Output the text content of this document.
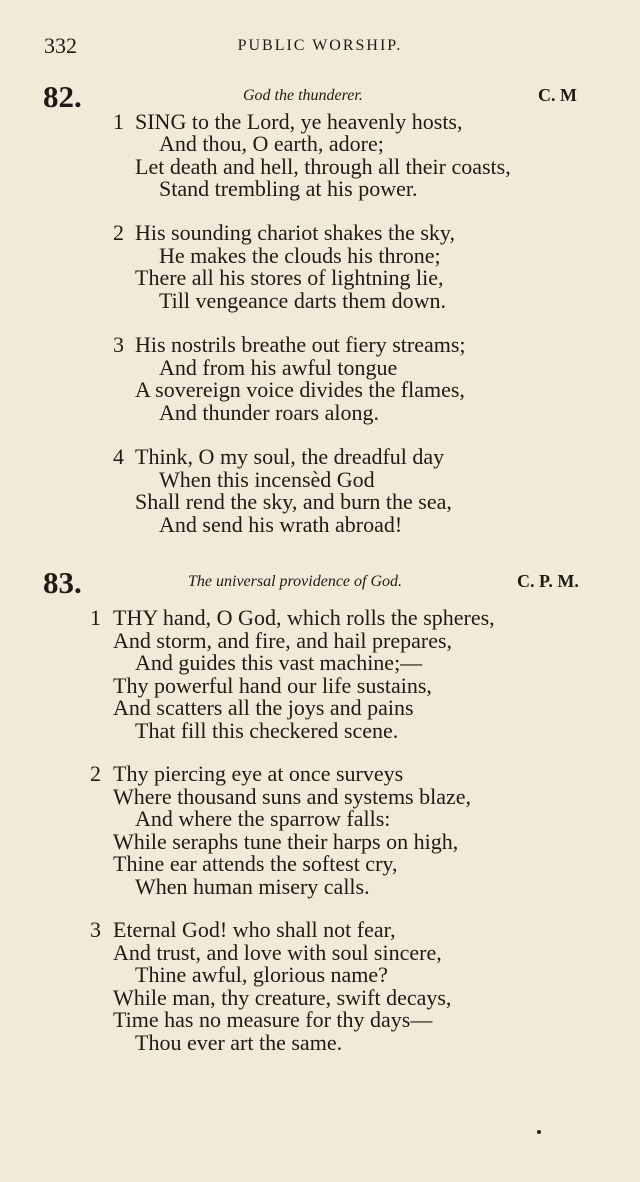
332	PUBLIC WORSHIP.
82.	God the thunderer.	C. M
1 SING to the Lord, ye heavenly hosts,
And thou, O earth, adore;
Let death and hell, through all their coasts,
Stand trembling at his power.
2 His sounding chariot shakes the sky,
He makes the clouds his throne;
There all his stores of lightning lie,
Till vengeance darts them down.
3 His nostrils breathe out fiery streams;
And from his awful tongue
A sovereign voice divides the flames,
And thunder roars along.
4 Think, O my soul, the dreadful day
When this incensèd God
Shall rend the sky, and burn the sea,
And send his wrath abroad!
83.	The universal providence of God.	C. P. M.
1 THY hand, O God, which rolls the spheres,
And storm, and fire, and hail prepares,
And guides this vast machine;—
Thy powerful hand our life sustains,
And scatters all the joys and pains
That fill this checkered scene.
2 Thy piercing eye at once surveys
Where thousand suns and systems blaze,
And where the sparrow falls:
While seraphs tune their harps on high,
Thine ear attends the softest cry,
When human misery calls.
3 Eternal God! who shall not fear,
And trust, and love with soul sincere,
Thine awful, glorious name?
While man, thy creature, swift decays,
Time has no measure for thy days—
Thou ever art the same.
